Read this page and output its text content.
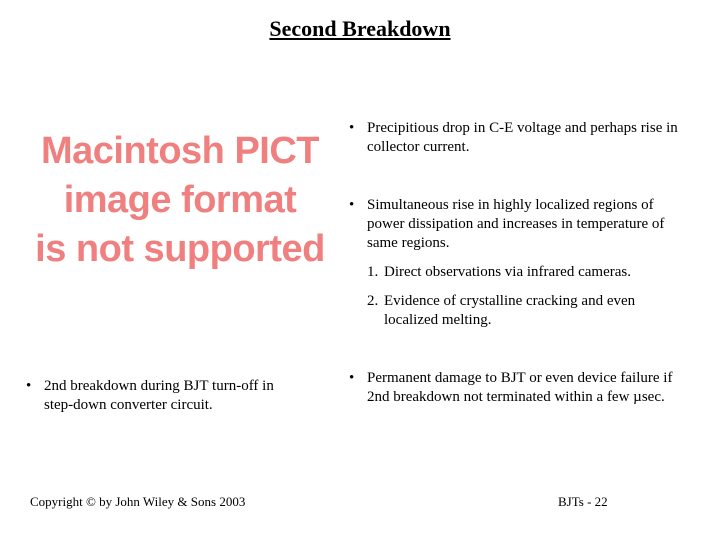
Second Breakdown
Macintosh PICT
image format
is not supported
• Precipitious drop in C-E voltage and perhaps rise in collector current.
• Simultaneous rise in highly localized regions of power dissipation and increases in temperature of same regions.
1. Direct observations via infrared cameras.
2. Evidence of crystalline cracking and even localized melting.
• 2nd breakdown during BJT turn-off in step-down converter circuit.
• Permanent damage to BJT or even device failure if 2nd breakdown not terminated within a few µsec.
Copyright © by John Wiley & Sons 2003	BJTs - 22
